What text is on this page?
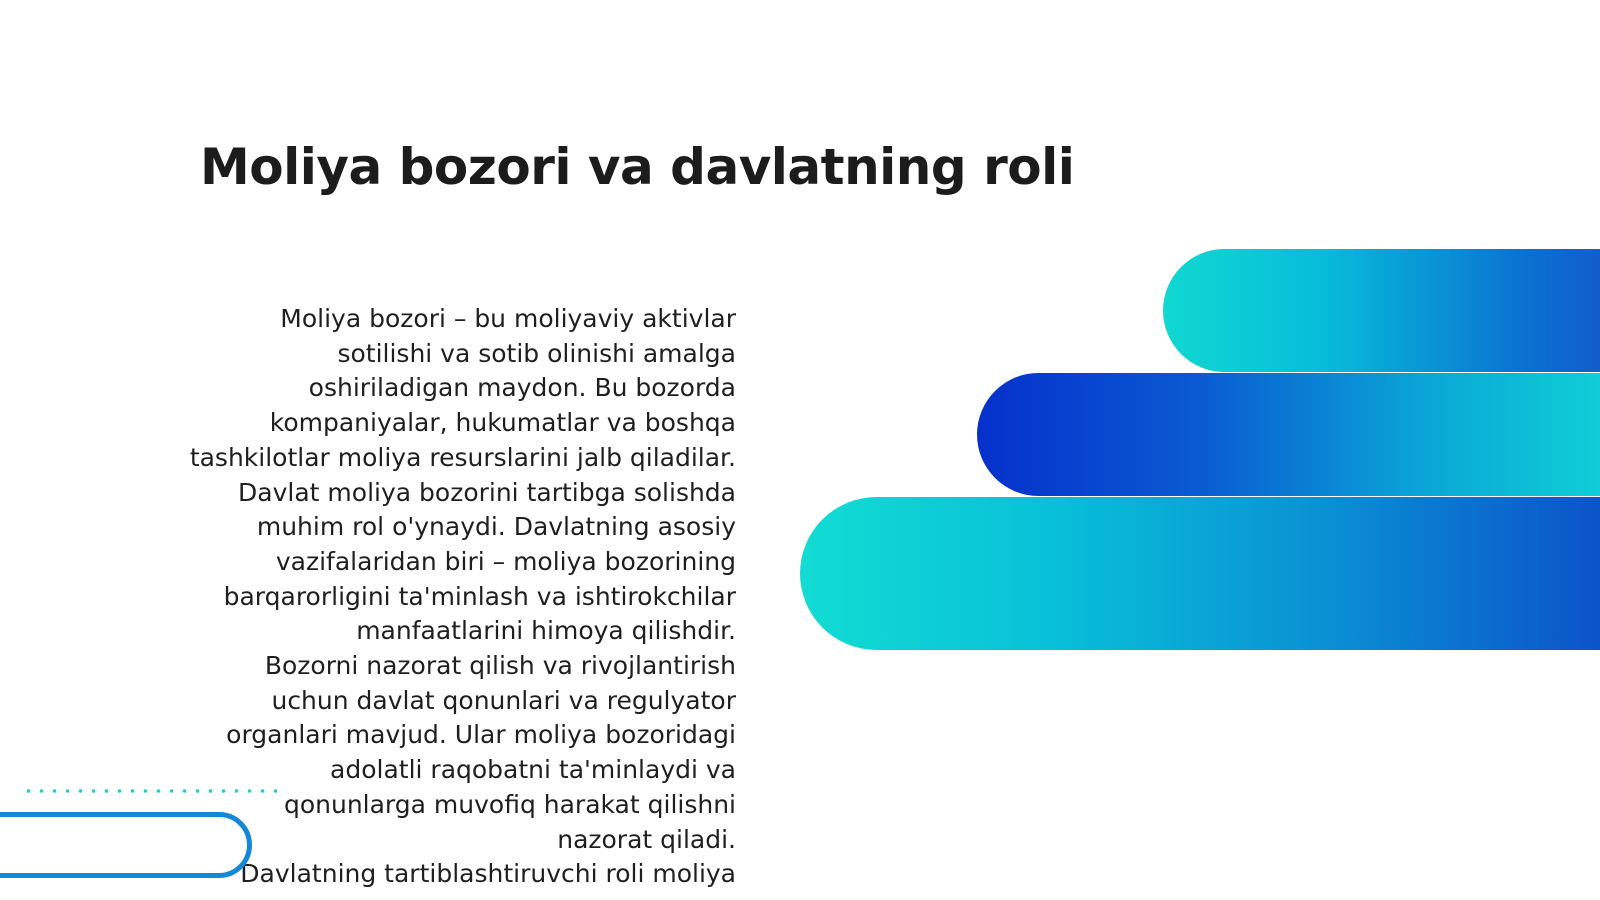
Moliya bozori va davlatning roli

Moliya bozori – bu moliyaviy aktivlar
sotilishi va sotib olinishi amalga
oshiriladigan maydon. Bu bozorda
kompaniyalar, hukumatlar va boshqa
tashkilotlar moliya resurslarini jalb qiladilar.

Davlat moliya bozorini tartibga solishda
muhim rol o'ynaydi. Davlatning asosiy
vazifalaridan biri – moliya bozorining
barqarorligini ta'minlash va ishtirokchilar
manfaatlarini himoya qilishdir.

Bozorni nazorat qilish va rivojlantirish
uchun davlat qonunlari va regulyator
organlari mavjud. Ular moliya bozoridagi
adolatli raqobatni ta'minlaydi va
qonunlarga muvofiq harakat qilishni
nazorat qiladi.

Davlatning tartiblashtiruvchi roli moliya
